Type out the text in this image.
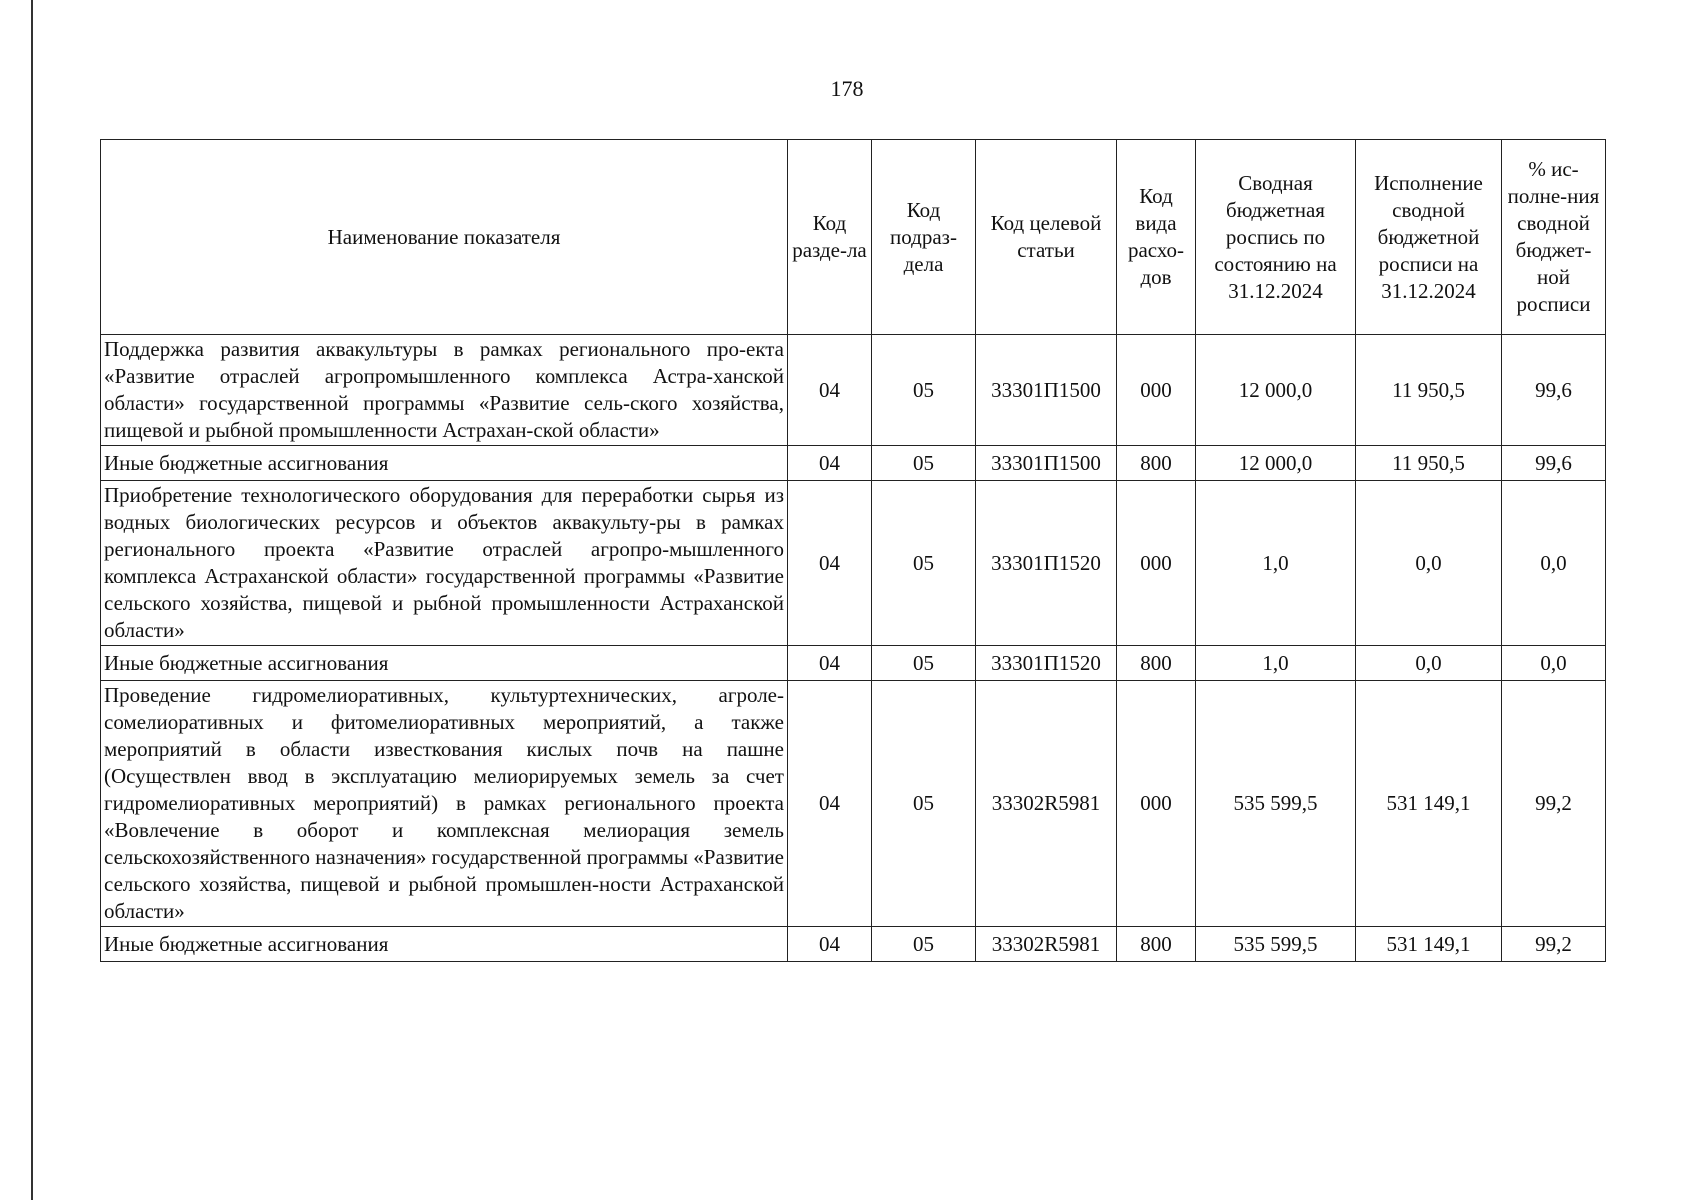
178
Наименование показателя	Код разде-ла	Код подраз-дела	Код целевой статьи	Код вида расхо-дов	Сводная бюджетная роспись по состоянию на 31.12.2024	Исполнение сводной бюджетной росписи на 31.12.2024	% ис-полне-ния сводной бюджет-ной росписи
Поддержка развития аквакультуры в рамках регионального про-екта «Развитие отраслей агропромышленного комплекса Астра-ханской области» государственной программы «Развитие сель-ского хозяйства, пищевой и рыбной промышленности Астрахан-ской области»	04	05	33301П1500	000	12 000,0	11 950,5	99,6
Иные бюджетные ассигнования	04	05	33301П1500	800	12 000,0	11 950,5	99,6
Приобретение технологического оборудования для переработки сырья из водных биологических ресурсов и объектов аквакульту-ры в рамках регионального проекта «Развитие отраслей агропро-мышленного комплекса Астраханской области» государственной программы «Развитие сельского хозяйства, пищевой и рыбной промышленности Астраханской области»	04	05	33301П1520	000	1,0	0,0	0,0
Иные бюджетные ассигнования	04	05	33301П1520	800	1,0	0,0	0,0
Проведение гидромелиоративных, культуртехнических, агроле-сомелиоративных и фитомелиоративных мероприятий, а также мероприятий в области известкования кислых почв на пашне (Осуществлен ввод в эксплуатацию мелиорируемых земель за счет гидромелиоративных мероприятий) в рамках регионального проекта «Вовлечение в оборот и комплексная мелиорация земель сельскохозяйственного назначения» государственной программы «Развитие сельского хозяйства, пищевой и рыбной промышлен-ности Астраханской области»	04	05	33302R5981	000	535 599,5	531 149,1	99,2
Иные бюджетные ассигнования	04	05	33302R5981	800	535 599,5	531 149,1	99,2
